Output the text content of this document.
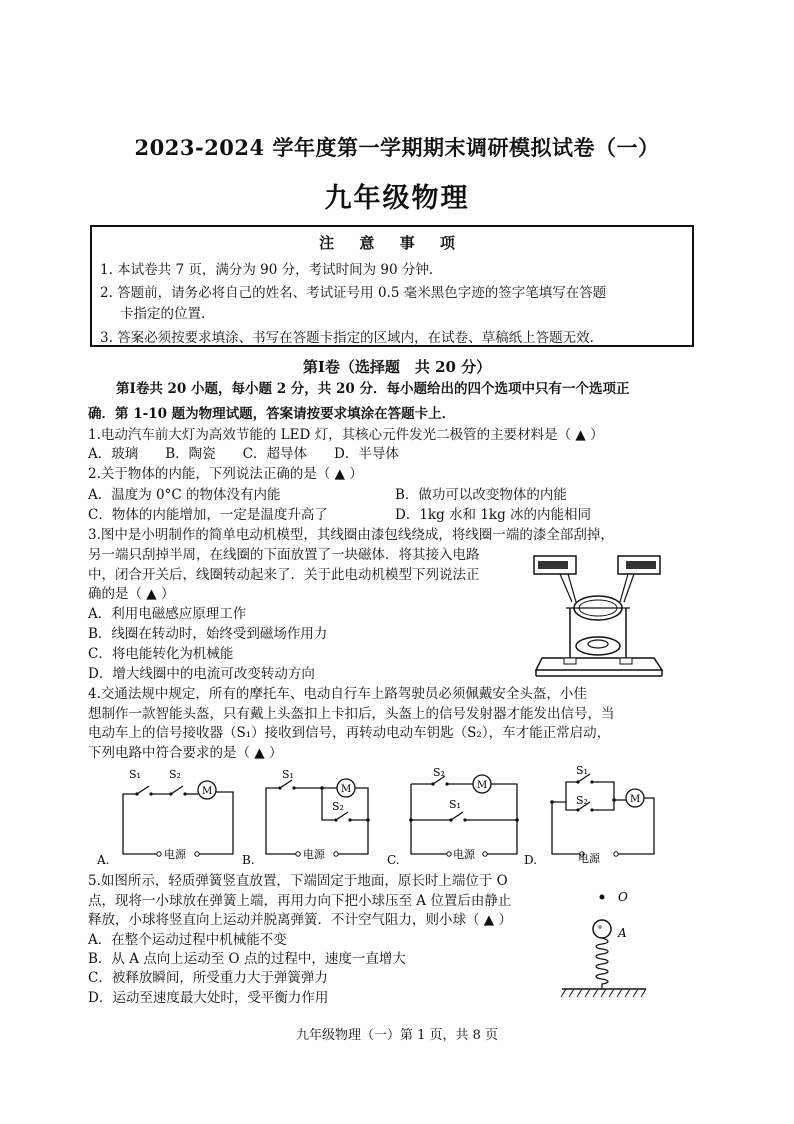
2023-2024 学年度第一学期期末调研模拟试卷（一）
九年级物理
注 意 事 项
1. 本试卷共 7 页，满分为 90 分，考试时间为 90 分钟.
2. 答题前，请务必将自己的姓名、考试证号用 0.5 毫米黑色字迹的签字笔填写在答题
卡指定的位置.
3. 答案必须按要求填涂、书写在答题卡指定的区域内，在试卷、草稿纸上答题无效.
第Ⅰ卷（选择题　共 20 分）
第Ⅰ卷共 20 小题，每小题 2 分，共 20 分．每小题给出的四个选项中只有一个选项正
确．第 1-10 题为物理试题，答案请按要求填涂在答题卡上．
1.电动汽车前大灯为高效节能的 LED 灯，其核心元件发光二极管的主要材料是（ ▲ ）
A．玻璃　　B．陶瓷　　C．超导体　　D．半导体
2.关于物体的内能，下列说法正确的是（ ▲ ）
A．温度为 0°C 的物体没有内能	B．做功可以改变物体的内能
C．物体的内能增加，一定是温度升高了	D．1kg 水和 1kg 冰的内能相同
3.图中是小明制作的简单电动机模型，其线圈由漆包线绕成，将线圈一端的漆全部刮掉，
另一端只刮掉半周，在线圈的下面放置了一块磁体．将其接入电路
中，闭合开关后，线圈转动起来了．关于此电动机模型下列说法正
确的是（ ▲ ）
A．利用电磁感应原理工作
B．线圈在转动时，始终受到磁场作用力
C．将电能转化为机械能
D．增大线圈中的电流可改变转动方向
4.交通法规中规定，所有的摩托车、电动自行车上路驾驶员必须佩戴安全头盔，小佳
想制作一款智能头盔，只有戴上头盔扣上卡扣后，头盔上的信号发射器才能发出信号，当
电动车上的信号接收器（S₁）接收到信号，再转动电动车钥匙（S₂），车才能正常启动，
下列电路中符合要求的是（ ▲ ）
S₁	S₂
M
电源
A.
S₁
M
S₂
电源
B.
S₂
M
S₁
电源
C.
S₁
S₂	M
电源
D.
5.如图所示，轻质弹簧竖直放置，下端固定于地面，原长时上端位于 O
点，现将一小球放在弹簧上端，再用力向下把小球压至 A 位置后由静止
释放，小球将竖直向上运动并脱离弹簧．不计空气阻力，则小球（ ▲ ）
A．在整个运动过程中机械能不变
B．从 A 点向上运动至 O 点的过程中，速度一直增大
C．被释放瞬间，所受重力大于弹簧弹力
D．运动至速度最大处时，受平衡力作用
O
A
九年级物理（一）第 1 页，共 8 页
